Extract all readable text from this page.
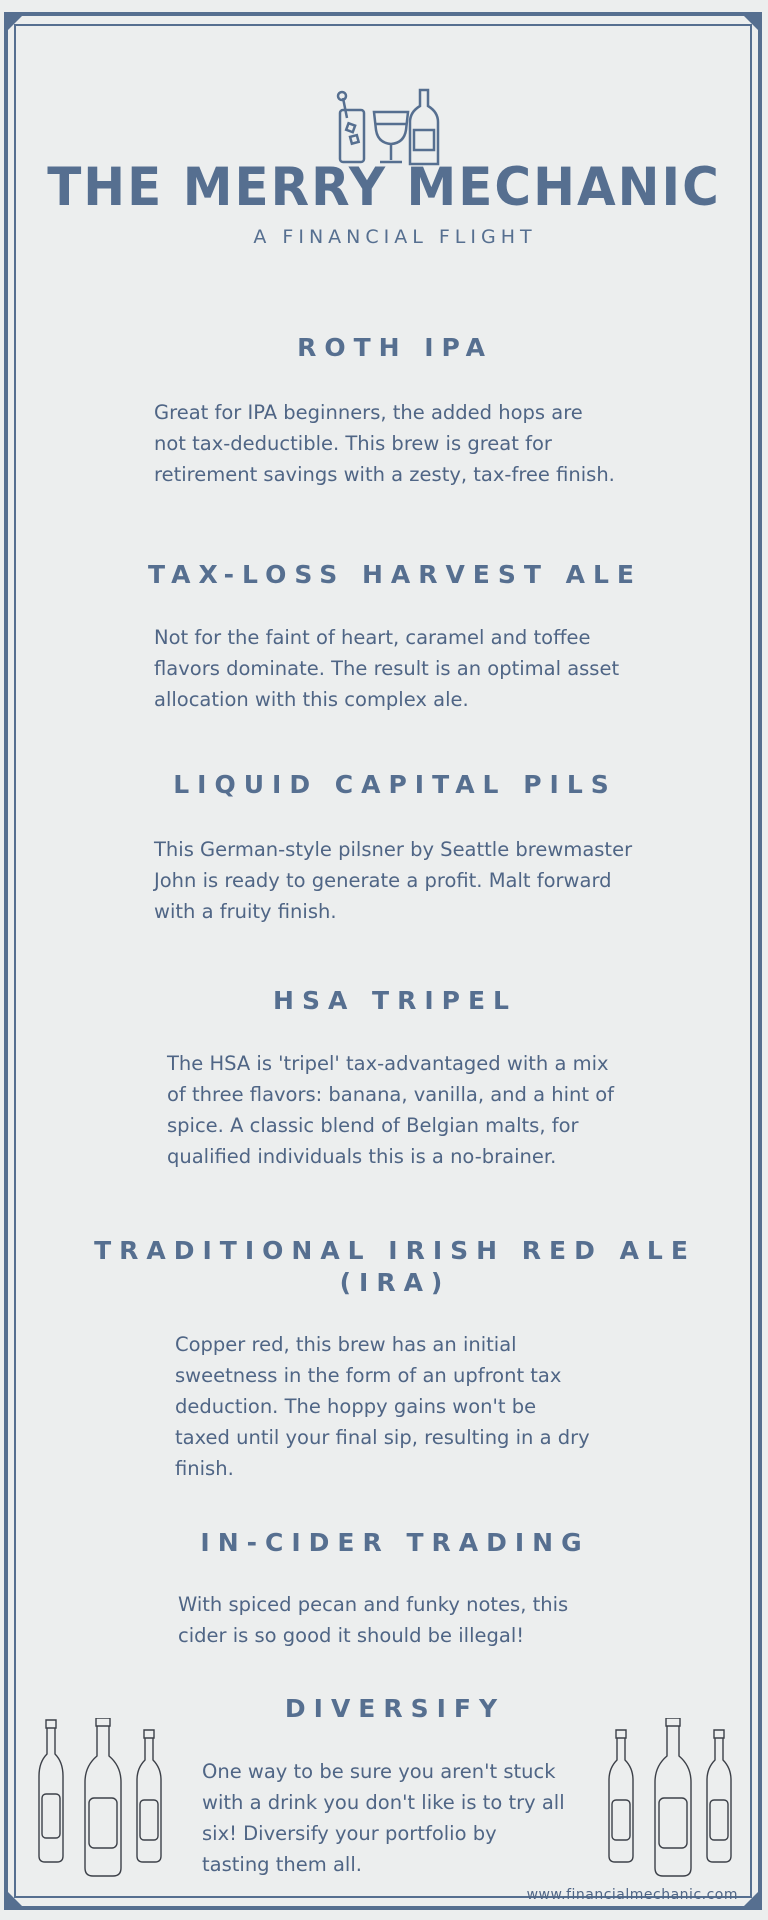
THE MERRY MECHANIC
A FINANCIAL FLIGHT
ROTH IPA
Great for IPA beginners, the added hops are
not tax-deductible. This brew is great for
retirement savings with a zesty, tax-free finish.
TAX-LOSS HARVEST ALE
Not for the faint of heart, caramel and toffee
flavors dominate. The result is an optimal asset
allocation with this complex ale.
LIQUID CAPITAL PILS
This German-style pilsner by Seattle brewmaster
John is ready to generate a profit. Malt forward
with a fruity finish.
HSA TRIPEL
The HSA is 'tripel' tax-advantaged with a mix
of three flavors: banana, vanilla, and a hint of
spice. A classic blend of Belgian malts, for
qualified individuals this is a no-brainer.
TRADITIONAL IRISH RED ALE
(IRA)
Copper red, this brew has an initial
sweetness in the form of an upfront tax
deduction. The hoppy gains won't be
taxed until your final sip, resulting in a dry
finish.
IN-CIDER TRADING
With spiced pecan and funky notes, this
cider is so good it should be illegal!
DIVERSIFY
One way to be sure you aren't stuck
with a drink you don't like is to try all
six! Diversify your portfolio by
tasting them all.
www.financialmechanic.com
